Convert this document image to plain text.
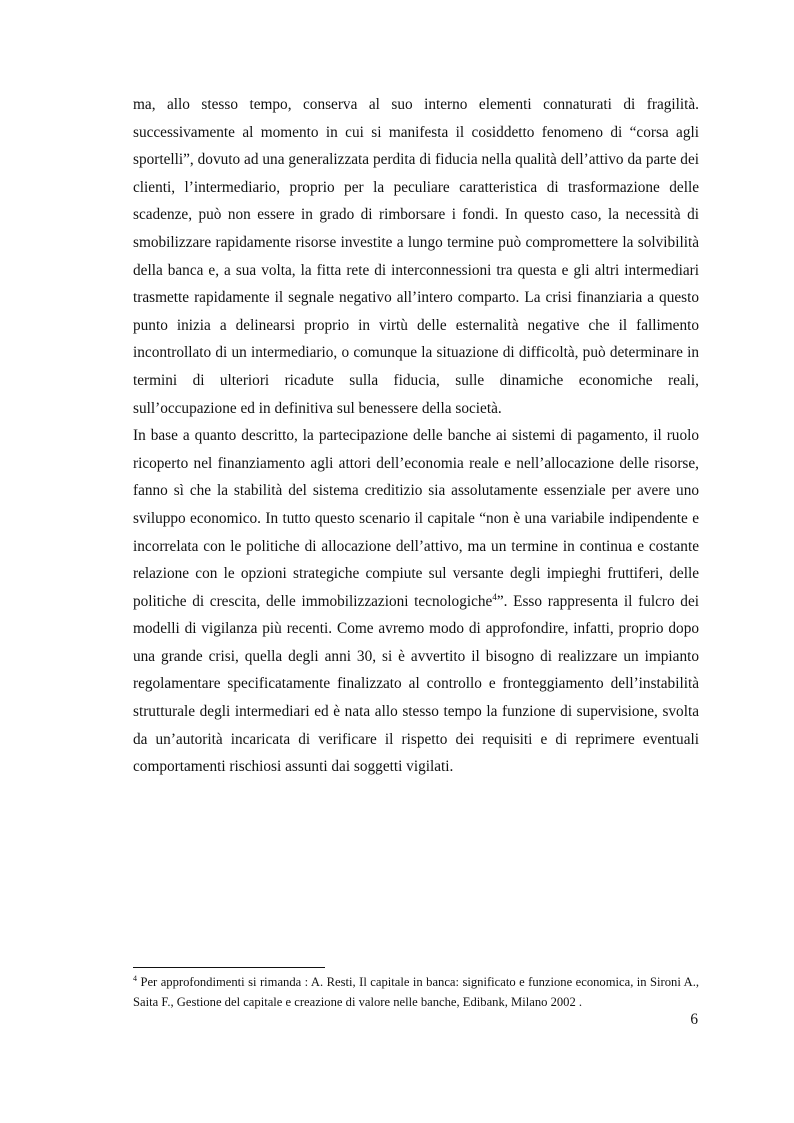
ma, allo stesso tempo, conserva al suo interno elementi connaturati di fragilità. successivamente al momento in cui si manifesta il cosiddetto fenomeno di “corsa agli sportelli”, dovuto ad una generalizzata perdita di fiducia nella qualità dell’attivo da parte dei clienti, l’intermediario, proprio per la peculiare caratteristica di trasformazione delle scadenze, può non essere in grado di rimborsare i fondi. In questo caso, la necessità di smobilizzare rapidamente risorse investite a lungo termine può compromettere la solvibilità della banca e, a sua volta, la fitta rete di interconnessioni tra questa e gli altri intermediari trasmette rapidamente il segnale negativo all’intero comparto. La crisi finanziaria a questo punto inizia a delinearsi proprio in virtù delle esternalità negative che il fallimento incontrollato di un intermediario, o comunque la situazione di difficoltà, può determinare in termini di ulteriori ricadute sulla fiducia, sulle dinamiche economiche reali, sull’occupazione ed in definitiva sul benessere della società.

In base a quanto descritto, la partecipazione delle banche ai sistemi di pagamento, il ruolo ricoperto nel finanziamento agli attori dell’economia reale e nell’allocazione delle risorse, fanno sì che la stabilità del sistema creditizio sia assolutamente essenziale per avere uno sviluppo economico. In tutto questo scenario il capitale “non è una variabile indipendente e incorrelata con le politiche di allocazione dell’attivo, ma un termine in continua e costante relazione con le opzioni strategiche compiute sul versante degli impieghi fruttiferi, delle politiche di crescita, delle immobilizzazioni tecnologiche$^4$”. Esso rappresenta il fulcro dei modelli di vigilanza più recenti. Come avremo modo di approfondire, infatti, proprio dopo una grande crisi, quella degli anni 30, si è avvertito il bisogno di realizzare un impianto regolamentare specificatamente finalizzato al controllo e fronteggiamento dell’instabilità strutturale degli intermediari ed è nata allo stesso tempo la funzione di supervisione, svolta da un’autorità incaricata di verificare il rispetto dei requisiti e di reprimere eventuali comportamenti rischiosi assunti dai soggetti vigilati.

$^4$ Per approfondimenti si rimanda : A. Resti, Il capitale in banca: significato e funzione economica, in Sironi A., Saita F., Gestione del capitale e creazione di valore nelle banche, Edibank, Milano 2002 .
6
